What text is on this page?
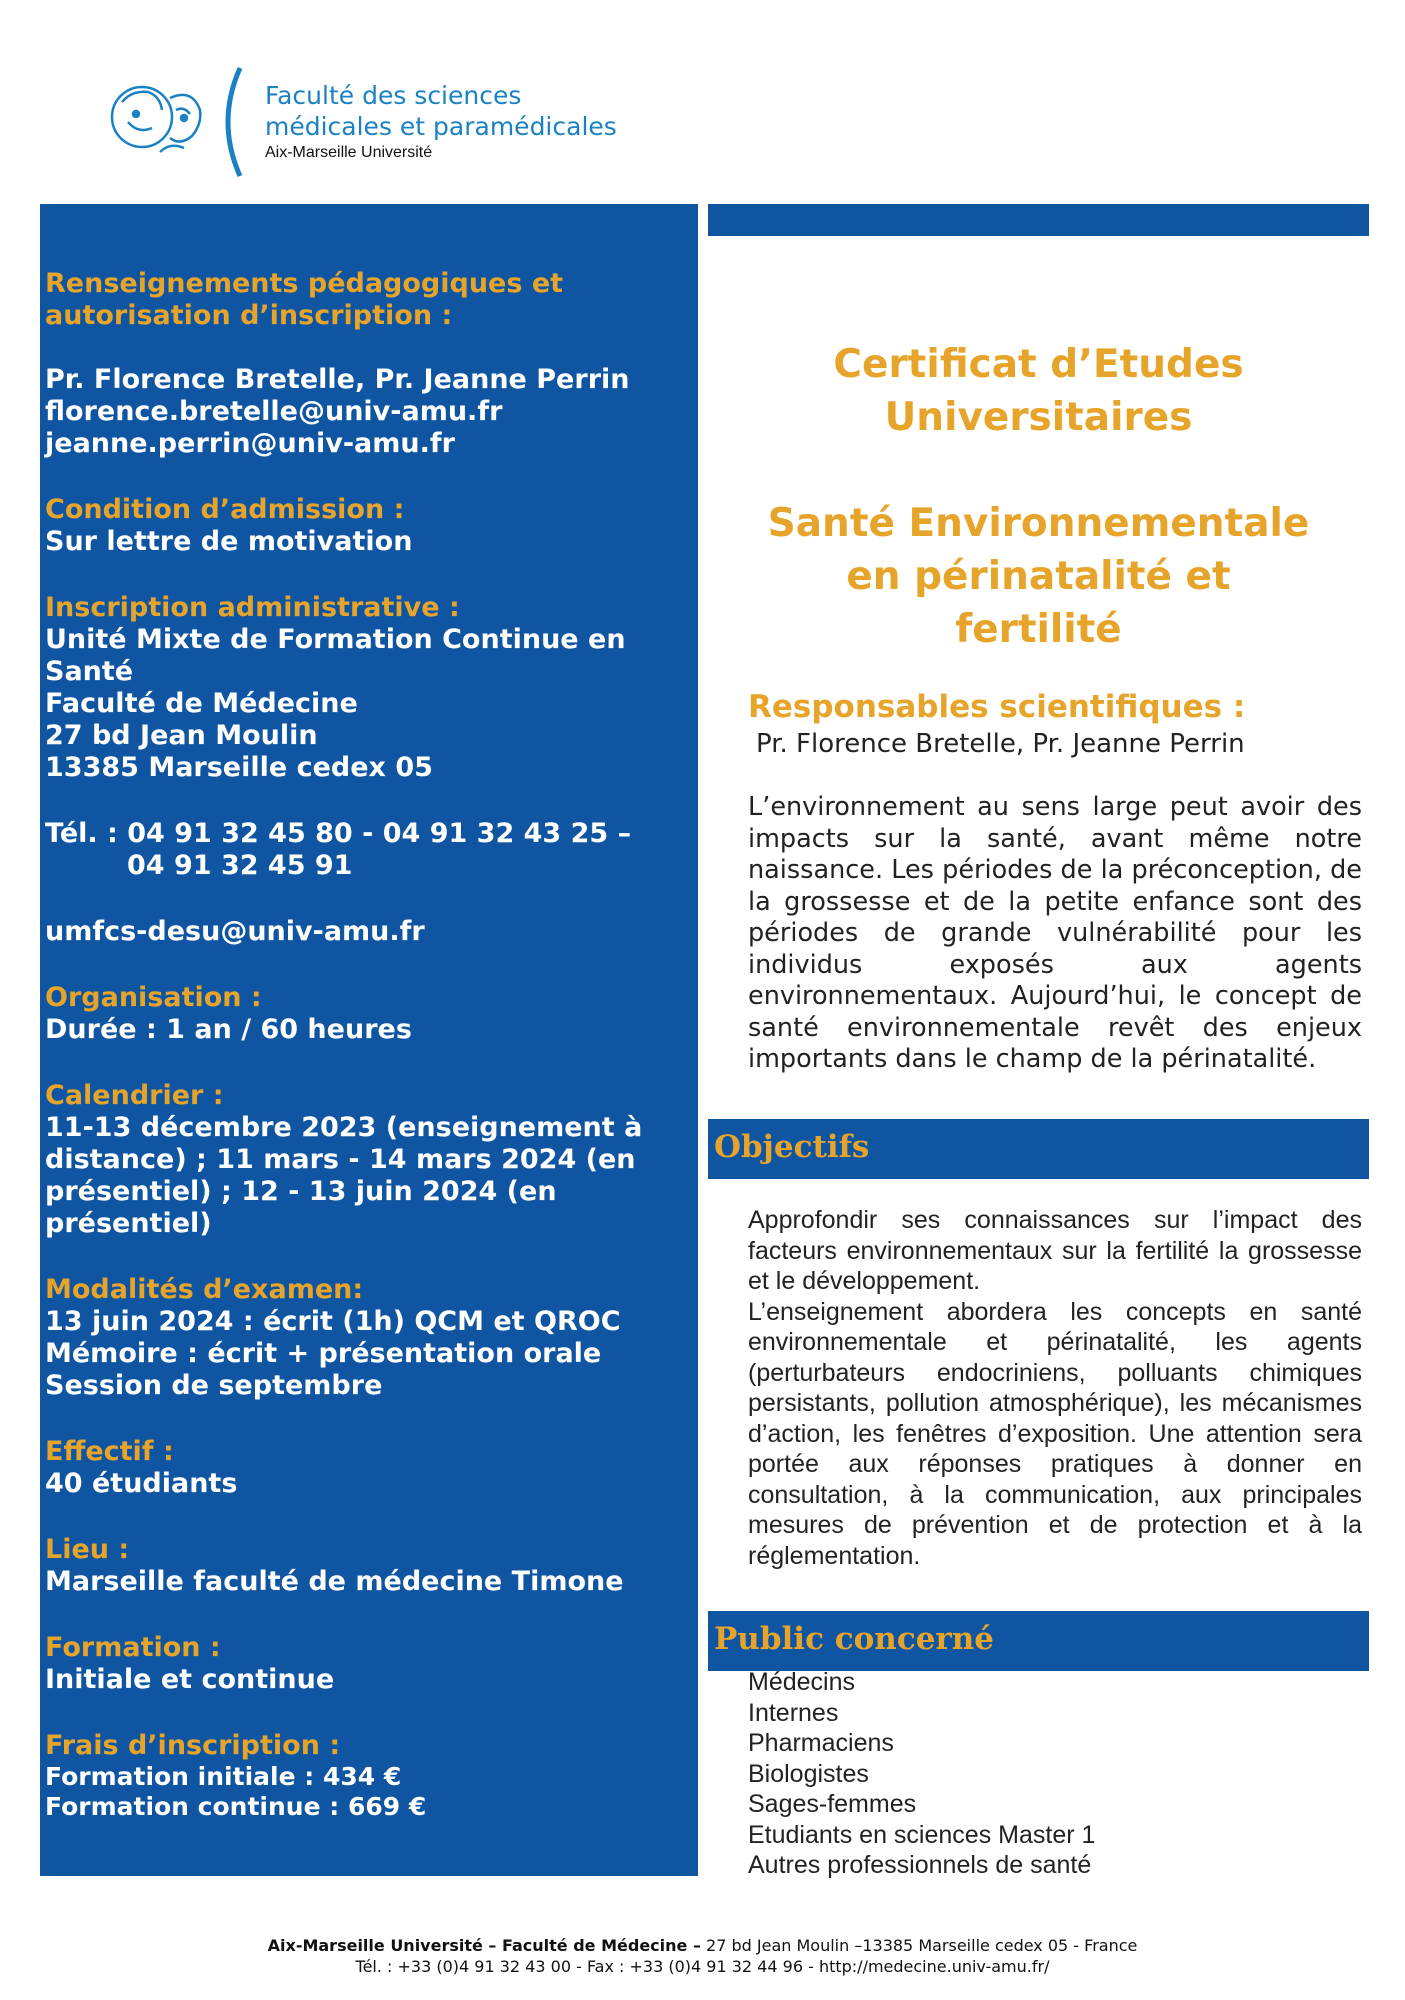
Faculté des sciences
médicales et paramédicales
Aix-Marseille Université
Renseignements pédagogiques et autorisation d’inscription :
Pr. Florence Bretelle, Pr. Jeanne Perrin
florence.bretelle@univ-amu.fr
jeanne.perrin@univ-amu.fr
Condition d’admission :
Sur lettre de motivation
Inscription administrative :
Unité Mixte de Formation Continue en Santé
Faculté de Médecine
27 bd Jean Moulin
13385 Marseille cedex 05
Tél. : 04 91 32 45 80 - 04 91 32 43 25 –
04 91 32 45 91
umfcs-desu@univ-amu.fr
Organisation :
Durée : 1 an / 60 heures
Calendrier :
11-13 décembre 2023 (enseignement à distance) ; 11 mars - 14 mars 2024 (en présentiel) ; 12 - 13 juin 2024 (en présentiel)
Modalités d’examen:
13 juin 2024 : écrit (1h) QCM et QROC
Mémoire : écrit + présentation orale
Session de septembre
Effectif :
40 étudiants
Lieu :
Marseille faculté de médecine Timone
Formation :
Initiale et continue
Frais d’inscription :
Formation initiale : 434 €
Formation continue : 669 €
Certificat d’Etudes
Universitaires
Santé Environnementale
en périnatalité et
fertilité
Responsables scientifiques :
Pr. Florence Bretelle, Pr. Jeanne Perrin
L’environnement au sens large peut avoir des impacts sur la santé, avant même notre naissance. Les périodes de la préconception, de la grossesse et de la petite enfance sont des périodes de grande vulnérabilité pour les individus exposés aux agents environnementaux. Aujourd’hui, le concept de santé environnementale revêt des enjeux importants dans le champ de la périnatalité.
Objectifs
Approfondir ses connaissances sur l’impact des facteurs environnementaux sur la fertilité la grossesse et le développement.
L’enseignement abordera les concepts en santé environnementale et périnatalité, les agents (perturbateurs endocriniens, polluants chimiques persistants, pollution atmosphérique), les mécanismes d’action, les fenêtres d’exposition. Une attention sera portée aux réponses pratiques à donner en consultation, à la communication, aux principales mesures de prévention et de protection et à la réglementation.
Public concerné
Médecins
Internes
Pharmaciens
Biologistes
Sages-femmes
Etudiants en sciences Master 1
Autres professionnels de santé
Aix-Marseille Université – Faculté de Médecine – 27 bd Jean Moulin –13385 Marseille cedex 05 - France
Tél. : +33 (0)4 91 32 43 00 - Fax : +33 (0)4 91 32 44 96 - http://medecine.univ-amu.fr/
